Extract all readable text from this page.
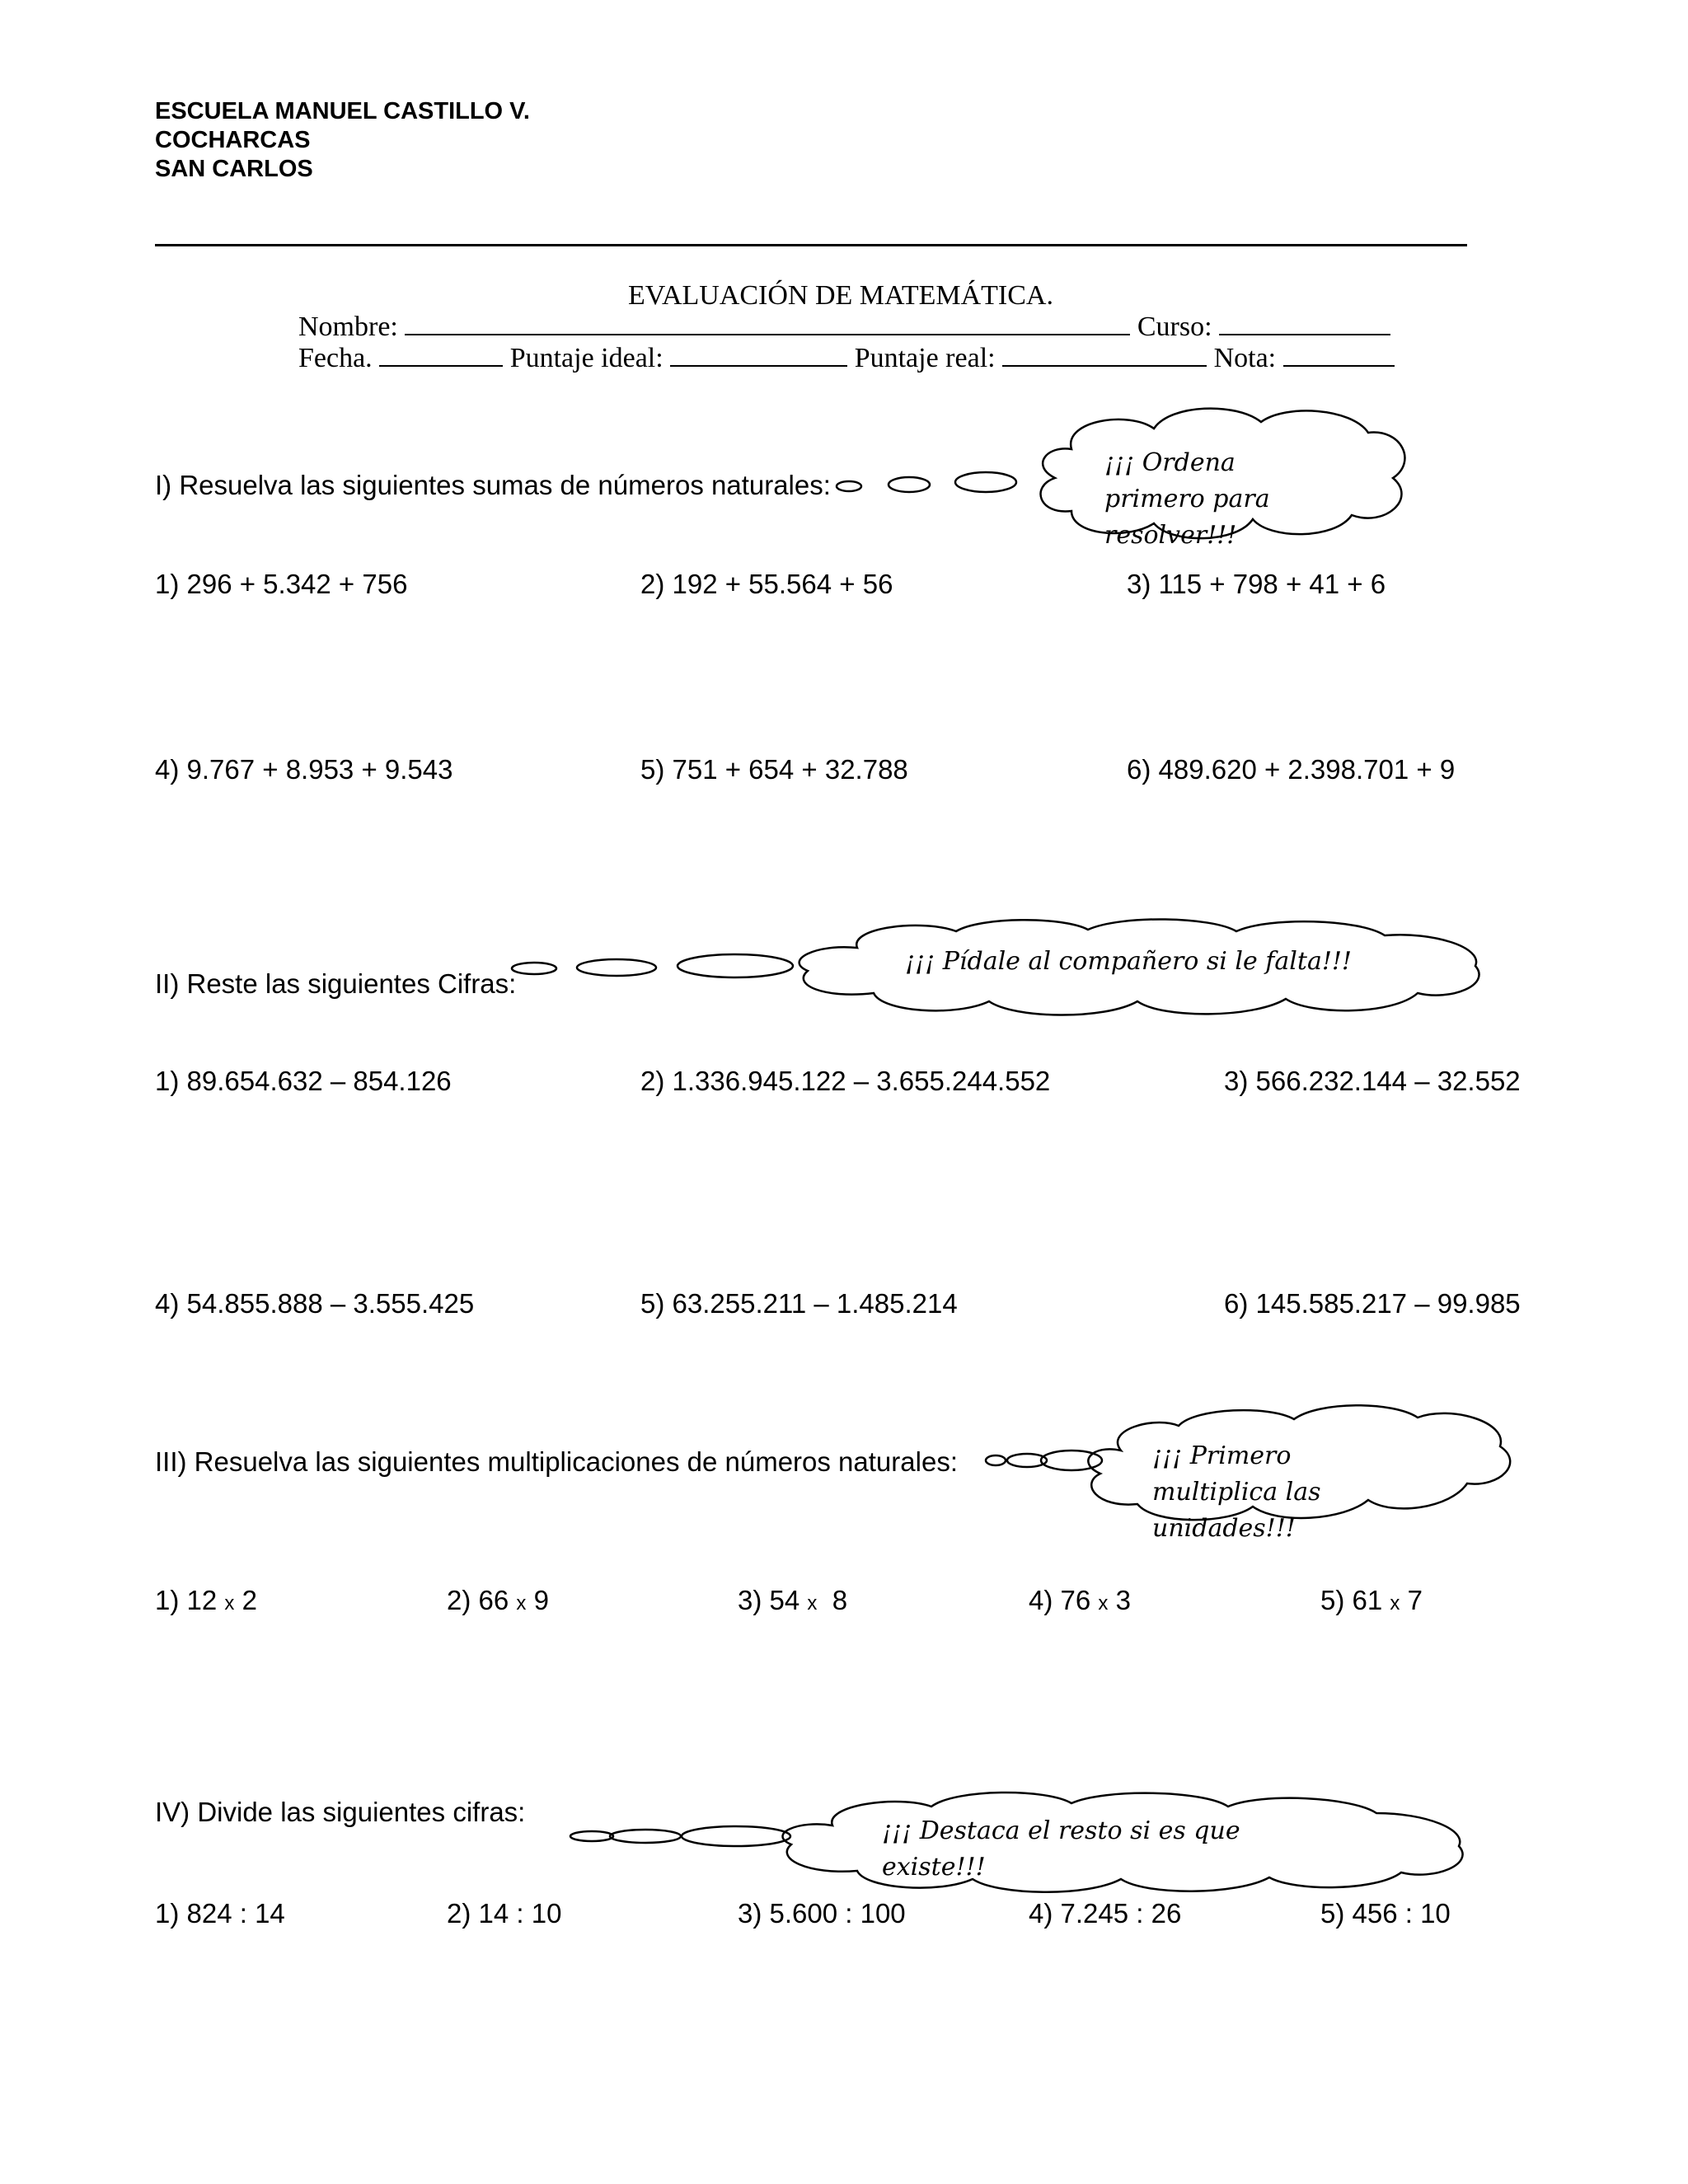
ESCUELA MANUEL CASTILLO V.
COCHARCAS
SAN CARLOS
EVALUACIÓN DE MATEMÁTICA.
Nombre:	Curso:
Fecha.	Puntaje ideal:	Puntaje real:	Nota:
I) Resuelva las siguientes sumas de números naturales:
¡¡¡ Ordena
primero para
resolver!!!
1) 296 + 5.342 + 756	2) 192 + 55.564 + 56	3) 115 + 798 + 41 + 6
4) 9.767 + 8.953 + 9.543	5) 751 + 654 + 32.788	6) 489.620 + 2.398.701 + 9
II) Reste las siguientes Cifras:
¡¡¡ Pídale al compañero si le falta!!!
1) 89.654.632 – 854.126	2) 1.336.945.122 – 3.655.244.552	3) 566.232.144 – 32.552
4) 54.855.888 – 3.555.425	5) 63.255.211 – 1.485.214	6) 145.585.217 – 99.985
III) Resuelva las siguientes multiplicaciones de números naturales:	¡¡¡ Primero
multiplica las
unidades!!!
1) 12 x 2	2) 66 x 9	3) 54 x 8	4) 76 x 3	5) 61 x 7
IV) Divide las siguientes cifras:
¡¡¡ Destaca el resto si es que
existe!!!
1) 824 : 14	2) 14 : 10	3) 5.600 : 100	4) 7.245 : 26	5) 456 : 10
